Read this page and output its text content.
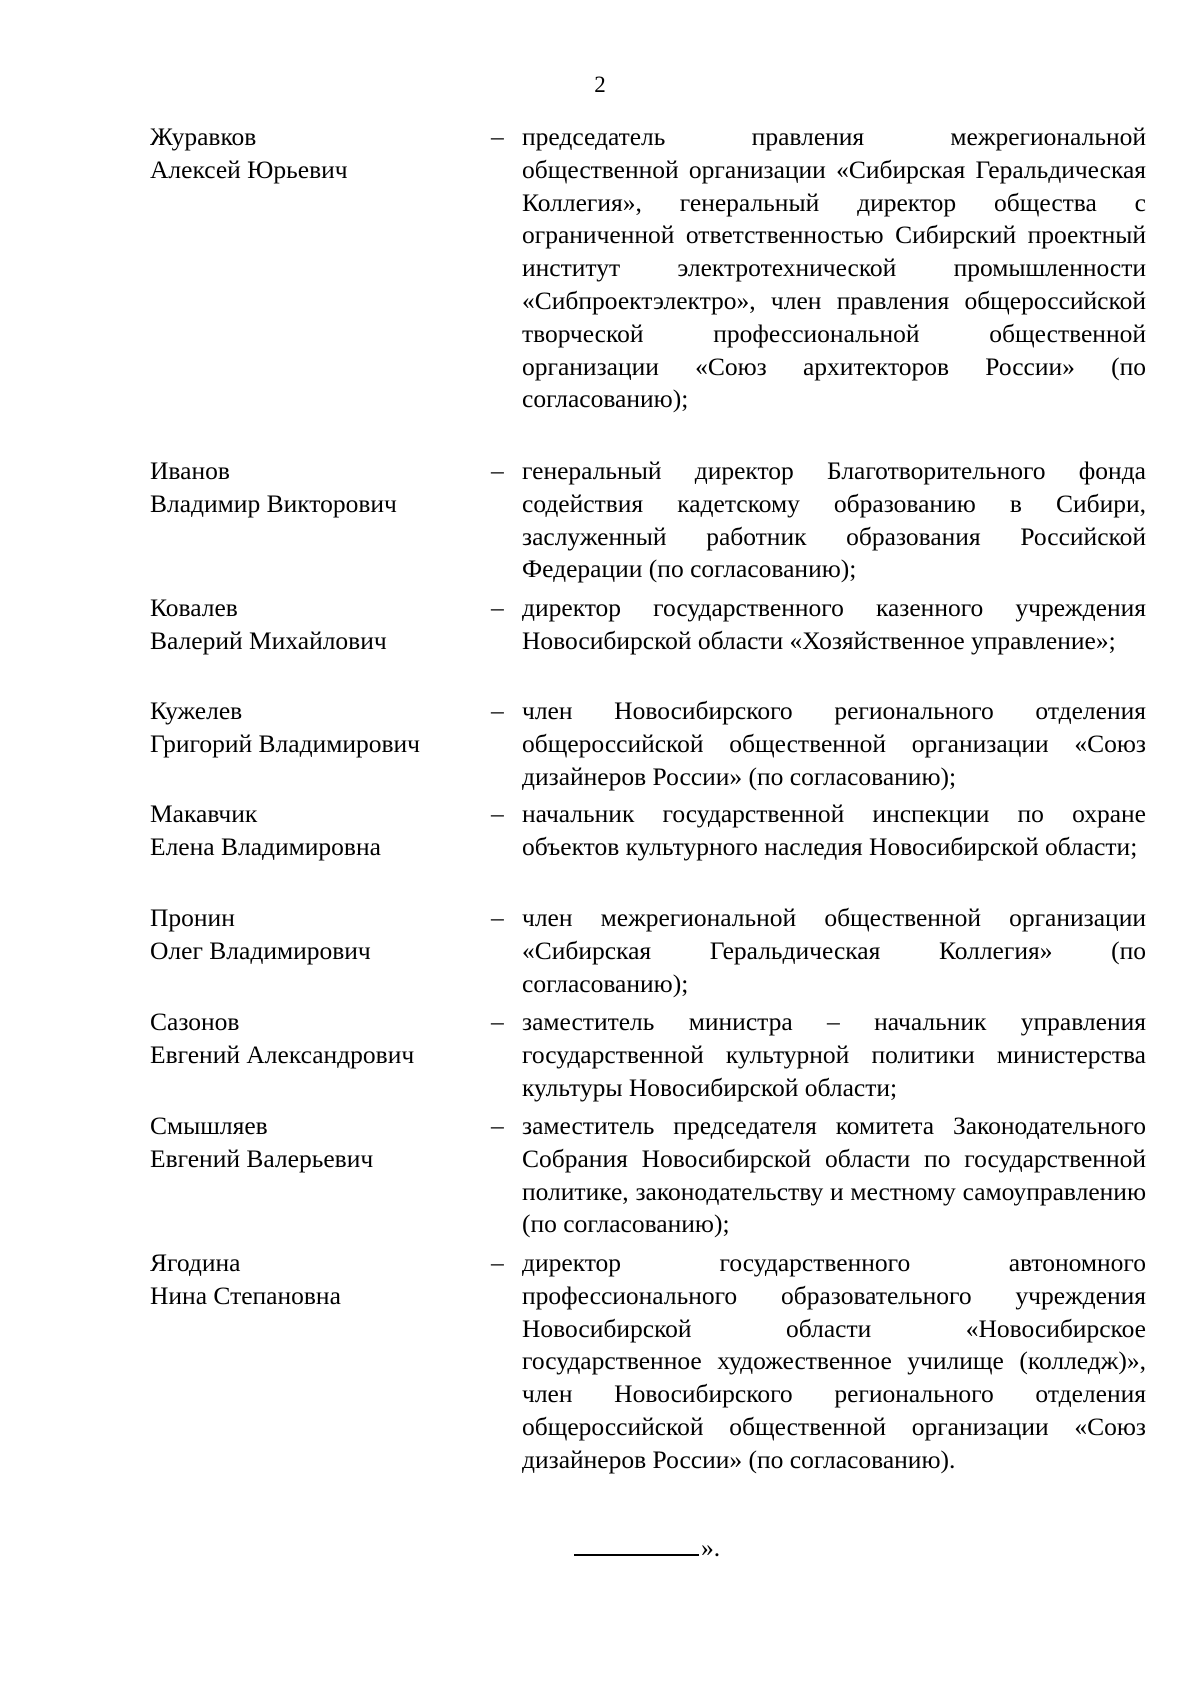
2
Журавков
Алексей Юрьевич
– председатель правления межрегиональной общественной организации «Сибирская Геральдическая Коллегия», генеральный директор общества с ограниченной ответственностью Сибирский проектный институт электротехнической промышленности «Сибпроектэлектро», член правления общероссийской творческой профессиональной общественной организации «Союз архитекторов России» (по согласованию);
Иванов
Владимир Викторович
– генеральный директор Благотворительного фонда содействия кадетскому образованию в Сибири, заслуженный работник образования Российской Федерации (по согласованию);
Ковалев
Валерий Михайлович
– директор государственного казенного учреждения Новосибирской области «Хозяйственное управление»;
Кужелев
Григорий Владимирович
– член Новосибирского регионального отделения общероссийской общественной организации «Союз дизайнеров России» (по согласованию);
Макавчик
Елена Владимировна
– начальник государственной инспекции по охране объектов культурного наследия Новосибирской области;
Пронин
Олег Владимирович
– член межрегиональной общественной организации «Сибирская Геральдическая Коллегия» (по согласованию);
Сазонов
Евгений Александрович
– заместитель министра – начальник управления государственной культурной политики министерства культуры Новосибирской области;
Смышляев
Евгений Валерьевич
– заместитель председателя комитета Законодательного Собрания Новосибирской области по государственной политике, законодательству и местному самоуправлению (по согласованию);
Ягодина
Нина Степановна
– директор государственного автономного профессионального образовательного учреждения Новосибирской области «Новосибирское государственное художественное училище (колледж)», член Новосибирского регионального отделения общероссийской общественной организации «Союз дизайнеров России» (по согласованию).
».
